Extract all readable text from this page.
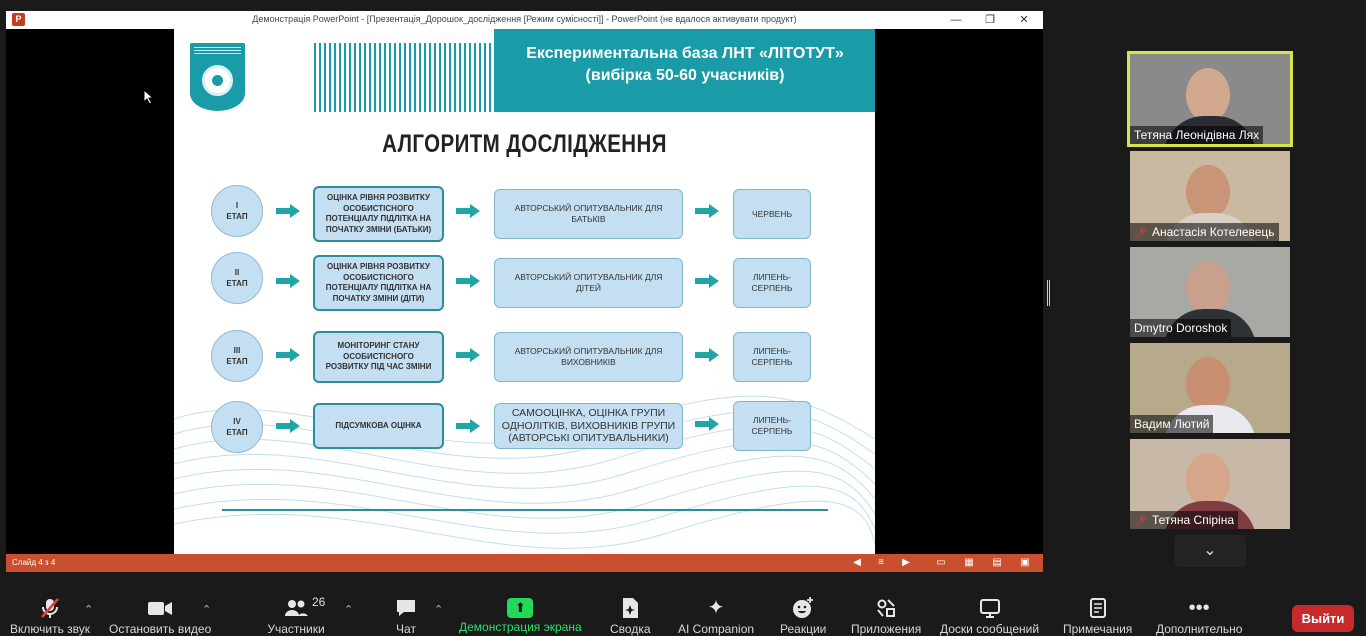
P	Демонстрація PowerPoint - [Презентація_Дорошок_дослідження [Режим сумісності]] - PowerPoint (не вдалося активувати продукт)	—	❐	✕
Експериментальна база ЛНТ «ЛІТОТУТ»
(вибірка 50-60 учасників)
АЛГОРИТМ ДОСЛІДЖЕННЯ
I
ЕТАП
ОЦІНКА РІВНЯ РОЗВИТКУ ОСОБИСТІСНОГО ПОТЕНЦІАЛУ ПІДЛІТКА НА ПОЧАТКУ ЗМІНИ (БАТЬКИ)
АВТОРСЬКИЙ ОПИТУВАЛЬНИК ДЛЯ БАТЬКІВ
ЧЕРВЕНЬ
II
ЕТАП
ОЦІНКА РІВНЯ РОЗВИТКУ ОСОБИСТІСНОГО ПОТЕНЦІАЛУ ПІДЛІТКА НА ПОЧАТКУ ЗМІНИ (ДІТИ)
АВТОРСЬКИЙ ОПИТУВАЛЬНИК ДЛЯ ДІТЕЙ
ЛИПЕНЬ-СЕРПЕНЬ
III
ЕТАП
МОНІТОРИНГ СТАНУ ОСОБИСТІСНОГО РОЗВИТКУ ПІД ЧАС ЗМІНИ
АВТОРСЬКИЙ ОПИТУВАЛЬНИК ДЛЯ ВИХОВНИКІВ
ЛИПЕНЬ-СЕРПЕНЬ
IV
ЕТАП
ПІДСУМКОВА ОЦІНКА
САМООЦІНКА, ОЦІНКА ГРУПИ ОДНОЛІТКІВ, ВИХОВНИКІВ ГРУПИ (АВТОРСЬКІ ОПИТУВАЛЬНИКИ)
ЛИПЕНЬ-СЕРПЕНЬ
Слайд 4 з 4	◀	≡	▶	▭ ▦ ▤ ▣
Тетяна Леонідівна Лях
🎤︎ Анастасія Котелевець
Dmytro Doroshok
Вадим Лютий
🎤︎ Тетяна Спіріна
⌄
Включить звук
⌃
Остановить видео
⌃
26
Участники
⌃
Чат
⌃	⬆
Демонстрация экрана Сводка
✦
AI Companion Реакции Приложения Доски сообщений Примечания
•••
Дополнительно
Выйти
